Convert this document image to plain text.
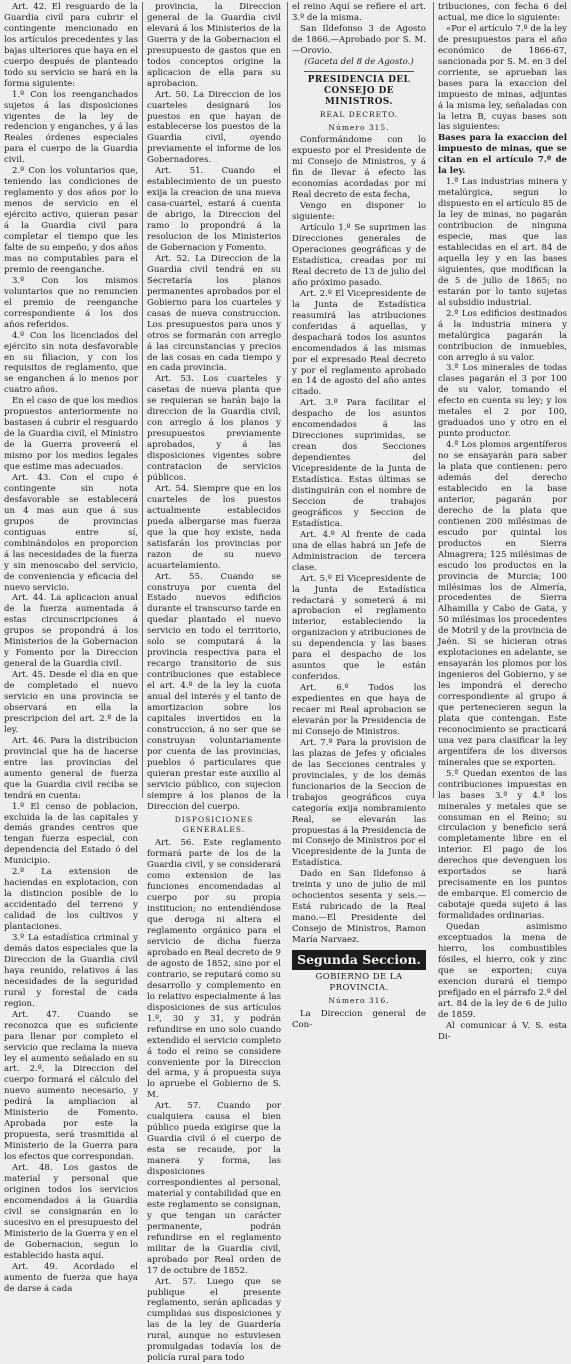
Art. 42. El resguardo de la Guardia civil para cubrir el contingente mencionado en los artículos precedentes y las bajas ulteriores que haya en el cuerpo después de planteado todo su servicio se hará en la forma siguiente:

1.º Con los reenganchados sujetos á las disposiciones vigentes de la ley de redencion y enganches, y á las Reales órdenes especiales para el cuerpo de la Guardia civil.

2.º Con los voluntarios que, teniendo las condiciones de reglamento y dos años por lo menos de servicio en el ejército activo, quieran pasar á la Guardia civil para completar el tiempo que les falte de su empeño, y dos años mas no computables para el premio de reenganche.

3.º Con los mismos voluntarios que no renuncien el premio de reenganche correspondiente á los dos años referidos.

4.º Con los licenciados del ejército sin nota desfavorable en su filiacion, y con los requisitos de reglamento, que se enganchen á lo menos por cuatro años.

En el caso de que los medios propuestos anteriormente no bastasen á cubrir el resguardo de la Guardia civil, el Ministro de la Guerra proveerá el mismo por los medios legales que estime mas adecuados.

Art. 43. Con el cupo é contingente sin nota desfavorable se establecerá un 4 mas aun que á sus grupos de provincias contiguas entre sí, combinándolos en proporcion á las necesidades de la fuerza y sin menoscabo del servicio, de conveniencia y eficacia del nuevo servicio.

Art. 44. La aplicacion anual de la fuerza aumentada á estas circunscripciones á grupos se propondrá á los Ministerios de la Gobernacion y Fomento por la Direccion general de la Guardia civil.

Art. 45. Desde el dia en que de completado el nuevo servicio en una provincia se observará en ella la prescripcion del art. 2.º de la ley.

Art. 46. Para la distribucion provincial que ha de hacerse entre las provincias del aumento general de fuerza que la Guardia civil reciba se tendrá en cuenta:

1.º El censo de poblacion, excluida la de las capitales y demás grandes centros que tengan fuerza especial, con dependencia del Estado ó del Municipio.

2.º La extension de haciendas en explotacion, con la distincion posible de lo accidentado del terreno y calidad de los cultivos y plantaciones.

3.º La estadística criminal y demás datos especiales que la Direccion de la Guardia civil haya reunido, relativos á las necesidades de la seguridad rural y forestal de cada region.

Art. 47. Cuando se reconozca que es suficiente para llenar por completo el servicio que reclama la nueva ley el aumento señalado en su art. 2.º, la Direccion del cuerpo formará el cálculo del nuevo aumento necesario, y pedirá la ampliacion al Ministerio de Fomento. Aprobada por este la propuesta, será trasmitida al Ministerio de la Guerra para los efectos que correspondan.

Art. 48. Los gastos de material y personal que originen todos los servicios encomendados á la Guardia civil se consignarán en lo sucesivo en el presupuesto del Ministerio de la Guerra y en el de Gobernacion, segun lo establecido hasta aquí.

Art. 49. Acordado el aumento de fuerza que haya de darse á cada

provincia, la Direccion general de la Guardia civil elevará á los Ministerios de la Guerra y de la Gobernacion el presupuesto de gastos que en todos conceptos origine la aplicacion de ella para su aprobacion.

Art. 50. La Direccion de los cuarteles designará los puestos en que hayan de establecerse los puestos de la Guardia civil, oyendo previamente el informe de los Gobernadores.

Art. 51. Cuando el establecimiento de un puesto exija la creacion de una nueva casa-cuartel, estará á cuenta de abrigo, la Direccion del ramo lo propondrá á la resolucion de los Ministerios de Gobernacion y Fomento.

Art. 52. La Direccion de la Guardia civil tendrá en su Secretaría los planos permanentes aprobados por el Gobierno para los cuarteles y casas de nueva construccion. Los presupuestos para unos y otros se formarán con arreglo á las circunstancias y precios de las cosas en cada tiempo y en cada provincia.

Art. 53. Los cuarteles y casetas de nueva planta que se requieran se harán bajo la direccion de la Guardia civil, con arreglo á los planos y presupuestos previamente aprobados, y á las disposiciones vigentes sobre contratacion de servicios públicos.

Art. 54. Siempre que en los cuarteles de los puestos actualmente establecidos pueda albergarse mas fuerza que la que hoy existe, nada satisfarán los provincias por razon de su nuevo acuartelamiento.

Art. 55. Cuando se construya por cuenta del Estado nuevos edificios durante el transcurso tarde en quedar plantado el nuevo servicio en todo el territorio, solo se computará á la provincia respectiva para el recargo transitorio de sus contribuciones que establece el art. 4.º de la ley la cuota anual del interés y el tanto de amortizacion sobre los capitales invertidos en la construccion, á no ser que se construyan voluntariamente por cuenta de las provincias, pueblos ó particulares que quieran prestar este auxilio al servicio público, con sujecion siempre á los planos de la Direccion del cuerpo.

DISPOSICIONES GENERALES.

Art. 56. Este reglamento formará parte de los de la Guardia civil, y se considerará como extension de las funciones encomendadas al cuerpo por su propia institucion; no entendiéndose que deroga ni altera el reglamento orgánico para el servicio de dicha fuerza aprobado en Real decreto de 9 de agosto de 1852, sino por el contrario, se reputará como su desarrollo y complemento en lo relativo especialmente á las disposiciones de sus artículos 1.º, 30 y 31, y podrán refundirse en uno solo cuando extendido el servicio completo á todo el reino se considere conveniente por la Direccion del arma, y á propuesta suya lo apruebe el Gobierno de S. M.

Art. 57. Cuando por cualquiera causa el bien público pueda exigirse que la Guardia civil ó el cuerpo de esta se recaude, por la manera y forma, las disposiciones correspondientes al personal, material y contabilidad que en este reglamento se consignan, y que tengan un carácter permanente, podrán refundirse en el reglamento militar de la Guardia civil, aprobado por Real orden de 17 de octubre de 1852.

Art. 57. Luego que se publique el presente reglamento, serán aplicadas y cumplidas sus disposiciones y las de la ley de Guardería rural, aunque no estuviesen promulgadas todavía los de policía rural para todo

el reino Aquí se refiere el art. 3.º de la misma.

San Ildefonso 3 de Agosto de 1866.—Aprobado por S. M.—Orovio.

(Gaceta del 8 de Agosto.)

PRESIDENCIA DEL CONSEJO DE MINISTROS.
REAL DECRETO.
Número 315.

Conformándome con lo expuesto por el Presidente de mi Consejo de Ministros, y á fin de llevar á efecto las economías acordadas por mí Real decreto de esta fecha,

Vengo en disponer lo siguiente:

Artículo 1.º Se suprimen las Direcciones generales de Operaciones geográficas y de Estadística, creadas por mi Real decreto de 13 de julio del año próximo pasado.

Art. 2.º El Vicepresidente de la Junta de Estadística reasumirá las atribuciones conferidas á aquellas, y despachará todos los asuntos encomendados á las mismas por el expresado Real decreto y por el reglamento aprobado en 14 de agosto del año antes citado.

Art. 3.º Para facilitar el despacho de los asuntos encomendados á las Direcciones suprimidas, se crean dos Secciones dependientes del Vicepresidente de la Junta de Estadística. Estas últimas se distinguirán con el nombre de Seccion de trabajos geográficos y Seccion de Estadística.

Art. 4.º Al frente de cada una de ellas habrá un Jefe de Administracion de tercera clase.

Art. 5.º El Vicepresidente de la Junta de Estadística redactará y someterá á mi aprobacion el reglamento interior, estableciendo la organizacion y atribuciones de su dependencia y las bases para el despacho de los asuntos que le están conferidos.

Art. 6.º Todos los expedientes en que haya de recaer mi Real aprobacion se elevarán por la Presidencia de mi Consejo de Ministros.

Art. 7.º Para la provision de las plazas de Jefes y oficiales de las Secciones centrales y provinciales, y de los demás funcionarios de la Seccion de trabajos geográficos cuya categoría exija nombramiento Real, se elevarán las propuestas á la Presidencia de mi Consejo de Ministros por el Vicepresidente de la Junta de Estadística.

Dado en San Ildefonso á treinta y uno de julio de mil ochocientos sesenta y seis.—Está rubricado de la Real mano.—El Presidente del Consejo de Ministros, Ramon María Narvaez.

Segunda Seccion.
GOBIERNO DE LA PROVINCIA.
Número 316.

La Direccion general de Con-

tribuciones, con fecha 6 del actual, me dice lo siguiente:

«Por el artículo 7.º de la ley de presupuestos para el año económico de 1866-67, sancionada por S. M. en 3 del corriente, se aprueban las bases para la exaccion del impuesto de minas, adjuntas á la misma ley, señaladas con la letra B, cuyas bases son las siguientes:

Bases para la exaccion del impuesto de minas, que se citan en el artículo 7.º de la ley.

1.ª Las industrias minera y metalúrgica, segun lo dispuesto en el artículo 85 de la ley de minas, no pagarán contribucion de ninguna especie, mas que las establecidas en el art. 84 de aquella ley y en las bases siguientes, que modifican la de 5 de julio de 1865; no estarán por lo tanto sujetas al subsidio industrial.

2.ª Los edificios destinados á la industria minera y metalúrgica pagarán la contribucion de inmuebles, con arreglo á su valor.

3.ª Los minerales de todas clases pagarán el 3 por 100 de su valor, tomando el efecto en cuenta su ley; y los metales el 2 por 100, graduados uno y otro en el punto productor.

4.ª Los plomos argentíferos no se ensayarán para saber la plata que contienen: pero además del derecho establecido en la base anterior, pagarán por derecho de la plata que contienen 200 milésimas de escudo por quintal los productos en Sierra Almagrera; 125 milésimas de escudo los productos en la provincia de Murcia; 100 milésimas los de Almería, procedentes de Sierra Alhamilla y Cabo de Gata, y 50 milésimas los procedentes de Motril y de la provincia de Jaén. Si se hicieran otras explotaciones en adelante, se ensayarán los plomos por los ingenieros del Gobierno, y se les impondrá el derecho correspondiente al grupo á que pertenecieren segun la plata que contengan. Este reconocimiento se practicará una vez para clasificar la ley argentífera de los diversos minerales que se exporten.

5.ª Quedan exentos de las contribuciones impuestas en las bases 3.ª y 4.ª los minerales y metales que se consuman en el Reino; su circulacion y beneficio será completamente libre en el interior. El pago de los derechos que devenguen los exportados se hará precisamente en los puntos de embarque. El comercio de cabotaje queda sujeto á las formalidades ordinarias.

Quedan asimismo exceptuados la mena de hierro, los combustibles fósiles, el hierro, cok y zinc que se exporten; cuya exencion durará el tiempo prefijado en el párrafo 2.º del art. 84 de la ley de 6 de julio de 1859.

Al comunicar á V. S. esta Di-
